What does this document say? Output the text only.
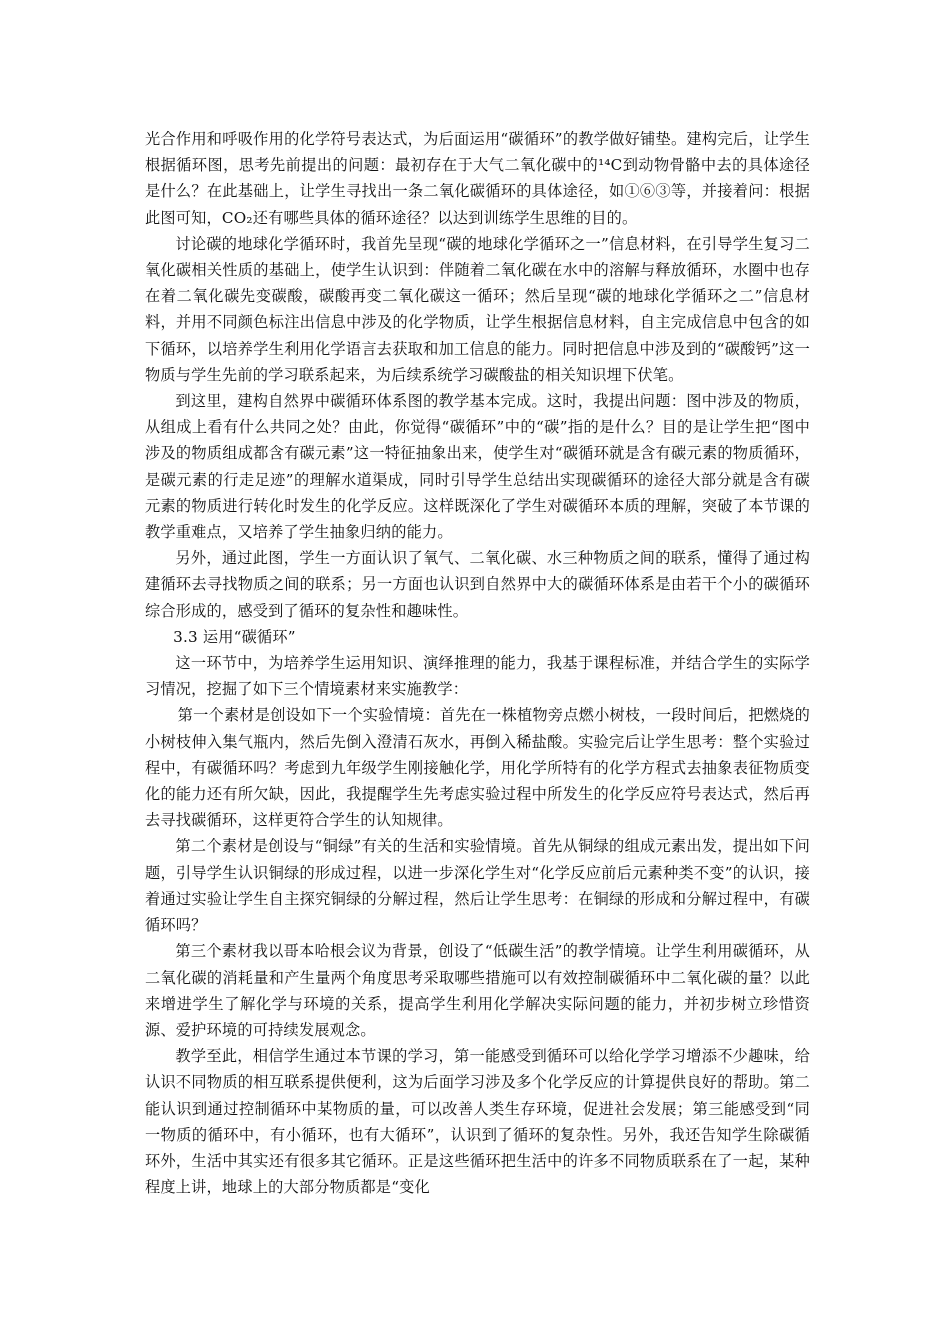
光合作用和呼吸作用的化学符号表达式，为后面运用“碳循环”的教学做好铺垫。建构完后，让学生根据循环图，思考先前提出的问题：最初存在于大气二氧化碳中的¹⁴C到动物骨骼中去的具体途径是什么？在此基础上，让学生寻找出一条二氧化碳循环的具体途径，如①⑥③等，并接着问：根据此图可知，CO₂还有哪些具体的循环途径？以达到训练学生思维的目的。

讨论碳的地球化学循环时，我首先呈现“碳的地球化学循环之一”信息材料，在引导学生复习二氧化碳相关性质的基础上，使学生认识到：伴随着二氧化碳在水中的溶解与释放循环，水圈中也存在着二氧化碳先变碳酸，碳酸再变二氧化碳这一循环；然后呈现“碳的地球化学循环之二”信息材料，并用不同颜色标注出信息中涉及的化学物质，让学生根据信息材料，自主完成信息中包含的如下循环，以培养学生利用化学语言去获取和加工信息的能力。同时把信息中涉及到的“碳酸钙”这一物质与学生先前的学习联系起来，为后续系统学习碳酸盐的相关知识埋下伏笔。

到这里，建构自然界中碳循环体系图的教学基本完成。这时，我提出问题：图中涉及的物质，从组成上看有什么共同之处？由此，你觉得“碳循环”中的“碳”指的是什么？目的是让学生把“图中涉及的物质组成都含有碳元素”这一特征抽象出来，使学生对“碳循环就是含有碳元素的物质循环，是碳元素的行走足迹”的理解水道渠成，同时引导学生总结出实现碳循环的途径大部分就是含有碳元素的物质进行转化时发生的化学反应。这样既深化了学生对碳循环本质的理解，突破了本节课的教学重难点，又培养了学生抽象归纳的能力。

另外，通过此图，学生一方面认识了氧气、二氧化碳、水三种物质之间的联系，懂得了通过构建循环去寻找物质之间的联系；另一方面也认识到自然界中大的碳循环体系是由若干个小的碳循环综合形成的，感受到了循环的复杂性和趣味性。

3.3 运用“碳循环”

这一环节中，为培养学生运用知识、演绎推理的能力，我基于课程标准，并结合学生的实际学习情况，挖掘了如下三个情境素材来实施教学：

第一个素材是创设如下一个实验情境：首先在一株植物旁点燃小树枝，一段时间后，把燃烧的小树枝伸入集气瓶内，然后先倒入澄清石灰水，再倒入稀盐酸。实验完后让学生思考：整个实验过程中，有碳循环吗？考虑到九年级学生刚接触化学，用化学所特有的化学方程式去抽象表征物质变化的能力还有所欠缺，因此，我提醒学生先考虑实验过程中所发生的化学反应符号表达式，然后再去寻找碳循环，这样更符合学生的认知规律。

第二个素材是创设与“铜绿”有关的生活和实验情境。首先从铜绿的组成元素出发，提出如下问题，引导学生认识铜绿的形成过程，以进一步深化学生对“化学反应前后元素种类不变”的认识，接着通过实验让学生自主探究铜绿的分解过程，然后让学生思考：在铜绿的形成和分解过程中，有碳循环吗？

第三个素材我以哥本哈根会议为背景，创设了“低碳生活”的教学情境。让学生利用碳循环，从二氧化碳的消耗量和产生量两个角度思考采取哪些措施可以有效控制碳循环中二氧化碳的量？以此来增进学生了解化学与环境的关系，提高学生利用化学解决实际问题的能力，并初步树立珍惜资源、爱护环境的可持续发展观念。

教学至此，相信学生通过本节课的学习，第一能感受到循环可以给化学学习增添不少趣味，给认识不同物质的相互联系提供便利，这为后面学习涉及多个化学反应的计算提供良好的帮助。第二能认识到通过控制循环中某物质的量，可以改善人类生存环境，促进社会发展；第三能感受到“同一物质的循环中，有小循环，也有大循环”，认识到了循环的复杂性。另外，我还告知学生除碳循环外，生活中其实还有很多其它循环。正是这些循环把生活中的许多不同物质联系在了一起，某种程度上讲，地球上的大部分物质都是“变化
